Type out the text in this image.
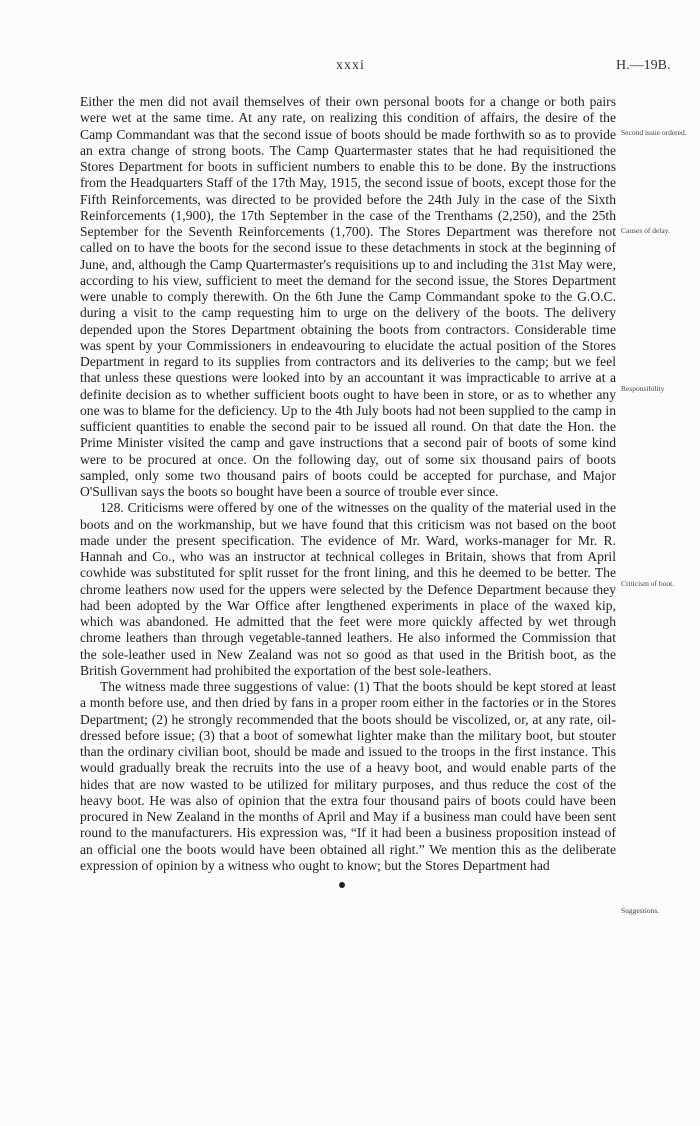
xxxi	H.—19B.

Either the men did not avail themselves of their own personal boots for a change or both pairs were wet at the same time. At any rate, on realizing this condition of affairs, the desire of the Camp Commandant was that the second issue of boots should be made forthwith so as to provide an extra change of strong boots. The Camp Quartermaster states that he had requisitioned the Stores Department for boots in sufficient numbers to enable this to be done. By the instructions from the Headquarters Staff of the 17th May, 1915, the second issue of boots, except those for the Fifth Reinforcements, was directed to be provided before the 24th July in the case of the Sixth Reinforcements (1,900), the 17th September in the case of the Trenthams (2,250), and the 25th September for the Seventh Reinforcements (1,700). The Stores Department was therefore not called on to have the boots for the second issue to these detachments in stock at the beginning of June, and, although the Camp Quartermaster's requisitions up to and including the 31st May were, according to his view, sufficient to meet the demand for the second issue, the Stores Department were unable to comply therewith. On the 6th June the Camp Commandant spoke to the G.O.C. during a visit to the camp requesting him to urge on the delivery of the boots. The delivery depended upon the Stores Department obtaining the boots from contractors. Considerable time was spent by your Commissioners in endeavouring to elucidate the actual position of the Stores Department in regard to its supplies from contractors and its deliveries to the camp; but we feel that unless these questions were looked into by an accountant it was impracticable to arrive at a definite decision as to whether sufficient boots ought to have been in store, or as to whether any one was to blame for the deficiency. Up to the 4th July boots had not been supplied to the camp in sufficient quantities to enable the second pair to be issued all round. On that date the Hon. the Prime Minister visited the camp and gave instructions that a second pair of boots of some kind were to be procured at once. On the following day, out of some six thousand pairs of boots sampled, only some two thousand pairs of boots could be accepted for purchase, and Major O'Sullivan says the boots so bought have been a source of trouble ever since.

128. Criticisms were offered by one of the witnesses on the quality of the material used in the boots and on the workmanship, but we have found that this criticism was not based on the boot made under the present specification. The evidence of Mr. Ward, works-manager for Mr. R. Hannah and Co., who was an instructor at technical colleges in Britain, shows that from April cowhide was substituted for split russet for the front lining, and this he deemed to be better. The chrome leathers now used for the uppers were selected by the Defence Department because they had been adopted by the War Office after lengthened experiments in place of the waxed kip, which was abandoned. He admitted that the feet were more quickly affected by wet through chrome leathers than through vegetable-tanned leathers. He also informed the Commission that the sole-leather used in New Zealand was not so good as that used in the British boot, as the British Government had prohibited the exportation of the best sole-leathers.

The witness made three suggestions of value: (1) That the boots should be kept stored at least a month before use, and then dried by fans in a proper room either in the factories or in the Stores Department; (2) he strongly recommended that the boots should be viscolized, or, at any rate, oil-dressed before issue; (3) that a boot of somewhat lighter make than the military boot, but stouter than the ordinary civilian boot, should be made and issued to the troops in the first instance. This would gradually break the recruits into the use of a heavy boot, and would enable parts of the hides that are now wasted to be utilized for military purposes, and thus reduce the cost of the heavy boot. He was also of opinion that the extra four thousand pairs of boots could have been procured in New Zealand in the months of April and May if a business man could have been sent round to the manufacturers. His expression was, “If it had been a business proposition instead of an official one the boots would have been obtained all right.” We mention this as the deliberate expression of opinion by a witness who ought to know; but the Stores Department had

Second issue ordered.
Causes of delay.
Responsibility
Criticism of boot.
Suggestions.
